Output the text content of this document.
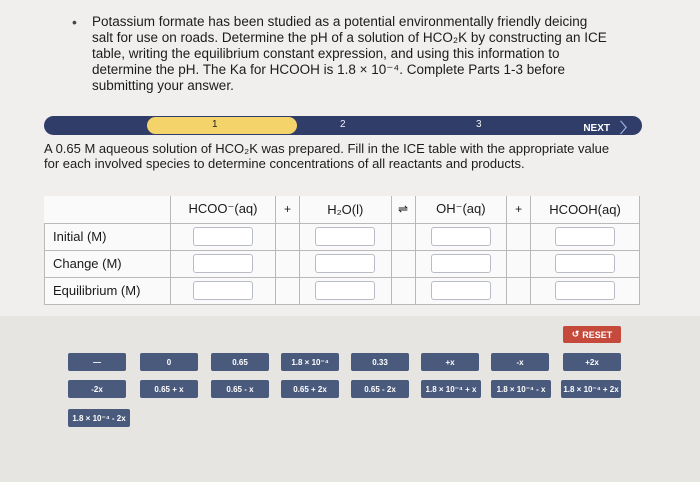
• Potassium formate has been studied as a potential environmentally friendly deicing salt for use on roads. Determine the pH of a solution of HCO₂K by constructing an ICE table, writing the equilibrium constant expression, and using this information to determine the pH. The Ka for HCOOH is 1.8 × 10⁻⁴. Complete Parts 1-3 before submitting your answer.
1	2	3	NEXT 〉
A 0.65 M aqueous solution of HCO₂K was prepared. Fill in the ICE table with the appropriate value for each involved species to determine concentrations of all reactants and products.
	HCOO⁻(aq)	+	H₂O(l)	⇌	OH⁻(aq)	+	HCOOH(aq)
Initial (M)							
Change (M)							
Equilibrium (M)							
↺ RESET
—	0	0.65	1.8 × 10⁻⁴	0.33	+x	-x	+2x
-2x	0.65 + x	0.65 - x	0.65 + 2x	0.65 - 2x	1.8 × 10⁻⁴ + x	1.8 × 10⁻⁴ - x	1.8 × 10⁻⁴ + 2x
1.8 × 10⁻⁴ - 2x
